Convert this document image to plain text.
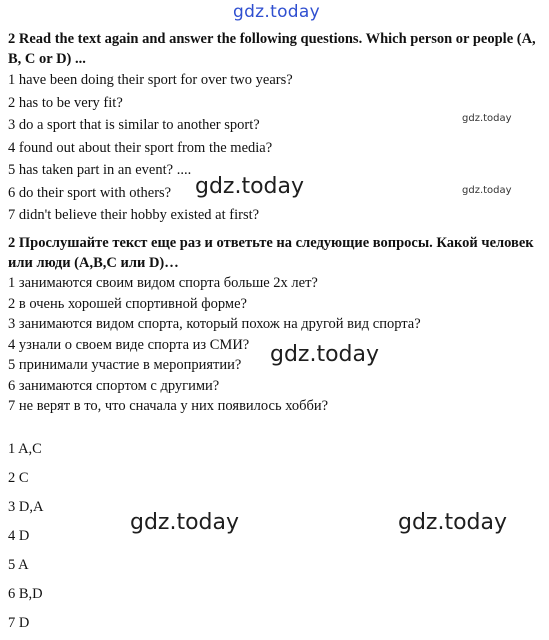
gdz.today
gdz.today
gdz.today
gdz.today
gdz.today
gdz.today	gdz.today

2 Read the text again and answer the following questions. Which person or people (A, B, C or D) ...

1 have been doing their sport for over two years?

2 has to be very fit?

3 do a sport that is similar to another sport?

4 found out about their sport from the media?

5 has taken part in an event? ....

6 do their sport with others?

7 didn't believe their hobby existed at first?

2 Прослушайте текст еще раз и ответьте на следующие вопросы. Какой человек или люди (A,B,C или D)…

1 занимаются своим видом спорта больше 2х лет?

2 в очень хорошей спортивной форме?

3 занимаются видом спорта, который похож на другой вид спорта?

4 узнали о своем виде спорта из СМИ?

5 принимали участие в мероприятии?

6 занимаются спортом с другими?

7 не верят в то, что сначала у них появилось хобби?

1 A,C

2 C

3 D,A

4 D

5 A

6 B,D

7 D
